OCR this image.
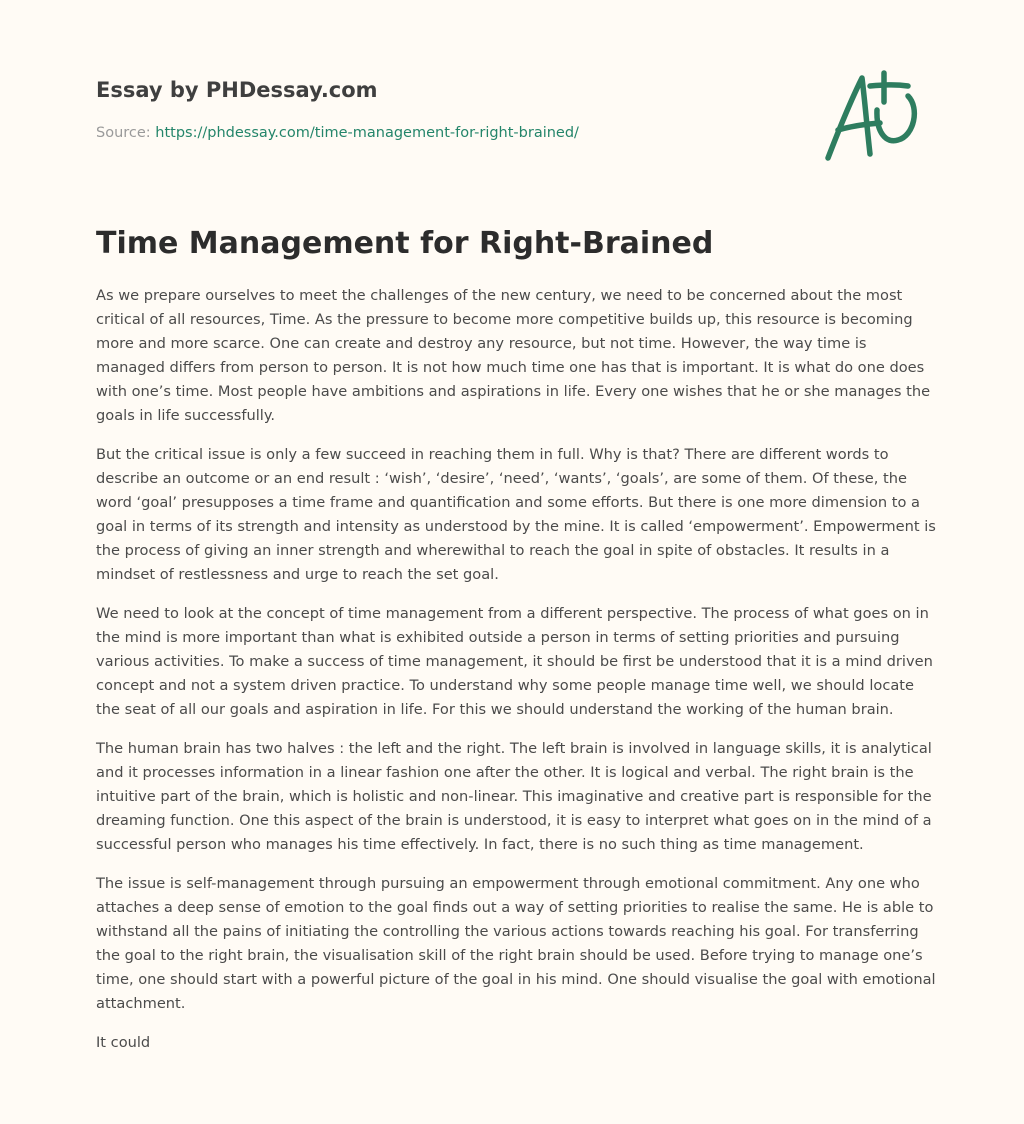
Essay by PHDessay.com

Source: https://phdessay.com/time-management-for-right-brained/
Time Management for Right-Brained

As we prepare ourselves to meet the challenges of the new century, we need to be concerned about the most critical of all resources, Time. As the pressure to become more competitive builds up, this resource is becoming more and more scarce. One can create and destroy any resource, but not time. However, the way time is managed differs from person to person. It is not how much time one has that is important. It is what do one does with one’s time. Most people have ambitions and aspirations in life. Every one wishes that he or she manages the goals in life successfully.

But the critical issue is only a few succeed in reaching them in full. Why is that? There are different words to describe an outcome or an end result : ‘wish’, ‘desire’, ‘need’, ‘wants’, ‘goals’, are some of them. Of these, the word ‘goal’ presupposes a time frame and quantification and some efforts. But there is one more dimension to a goal in terms of its strength and intensity as understood by the mine. It is called ‘empowerment’. Empowerment is the process of giving an inner strength and wherewithal to reach the goal in spite of obstacles. It results in a mindset of restlessness and urge to reach the set goal.

We need to look at the concept of time management from a different perspective. The process of what goes on in the mind is more important than what is exhibited outside a person in terms of setting priorities and pursuing various activities. To make a success of time management, it should be first be understood that it is a mind driven concept and not a system driven practice. To understand why some people manage time well, we should locate the seat of all our goals and aspiration in life. For this we should understand the working of the human brain.

The human brain has two halves : the left and the right. The left brain is involved in language skills, it is analytical and it processes information in a linear fashion one after the other. It is logical and verbal. The right brain is the intuitive part of the brain, which is holistic and non-linear. This imaginative and creative part is responsible for the dreaming function. One this aspect of the brain is understood, it is easy to interpret what goes on in the mind of a successful person who manages his time effectively. In fact, there is no such thing as time management.

The issue is self-management through pursuing an empowerment through emotional commitment. Any one who attaches a deep sense of emotion to the goal finds out a way of setting priorities to realise the same. He is able to withstand all the pains of initiating the controlling the various actions towards reaching his goal. For transferring the goal to the right brain, the visualisation skill of the right brain should be used. Before trying to manage one’s time, one should start with a powerful picture of the goal in his mind. One should visualise the goal with emotional attachment.

It could
